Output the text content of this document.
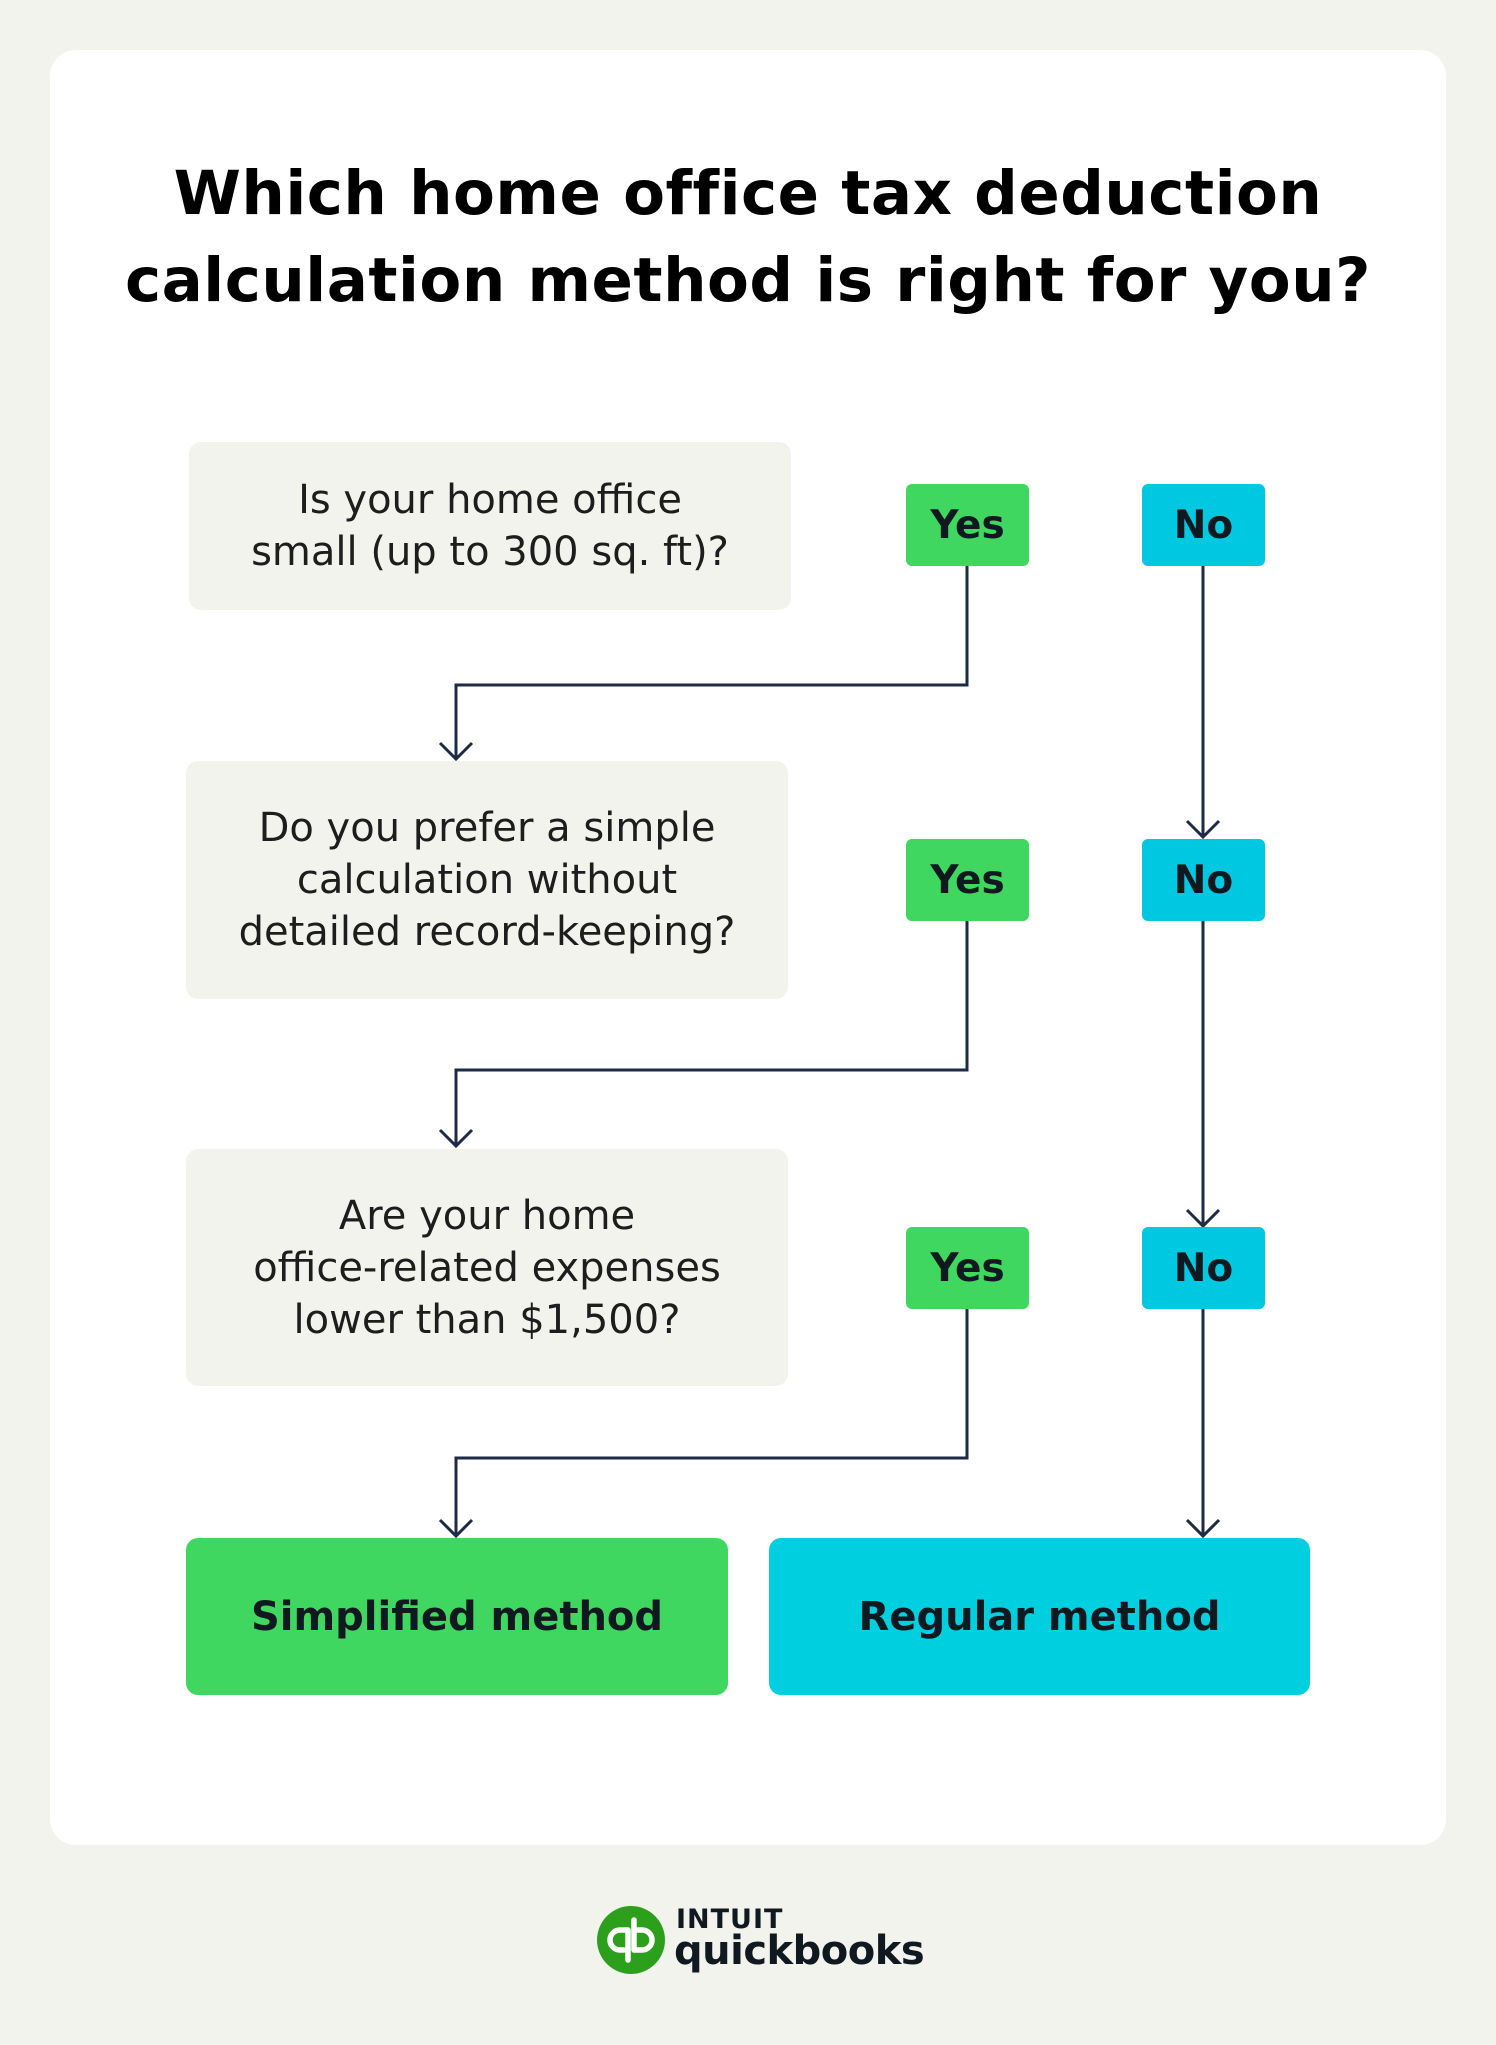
Which home office tax deduction
calculation method is right for you?
Is your home office
small (up to 300 sq. ft)?
Yes	No
Do you prefer a simple
calculation without
detailed record-keeping?
Yes	No
Are your home
office-related expenses
lower than $1,500?
Yes	No
Simplified method	Regular method
INTUIT
quickbooks
